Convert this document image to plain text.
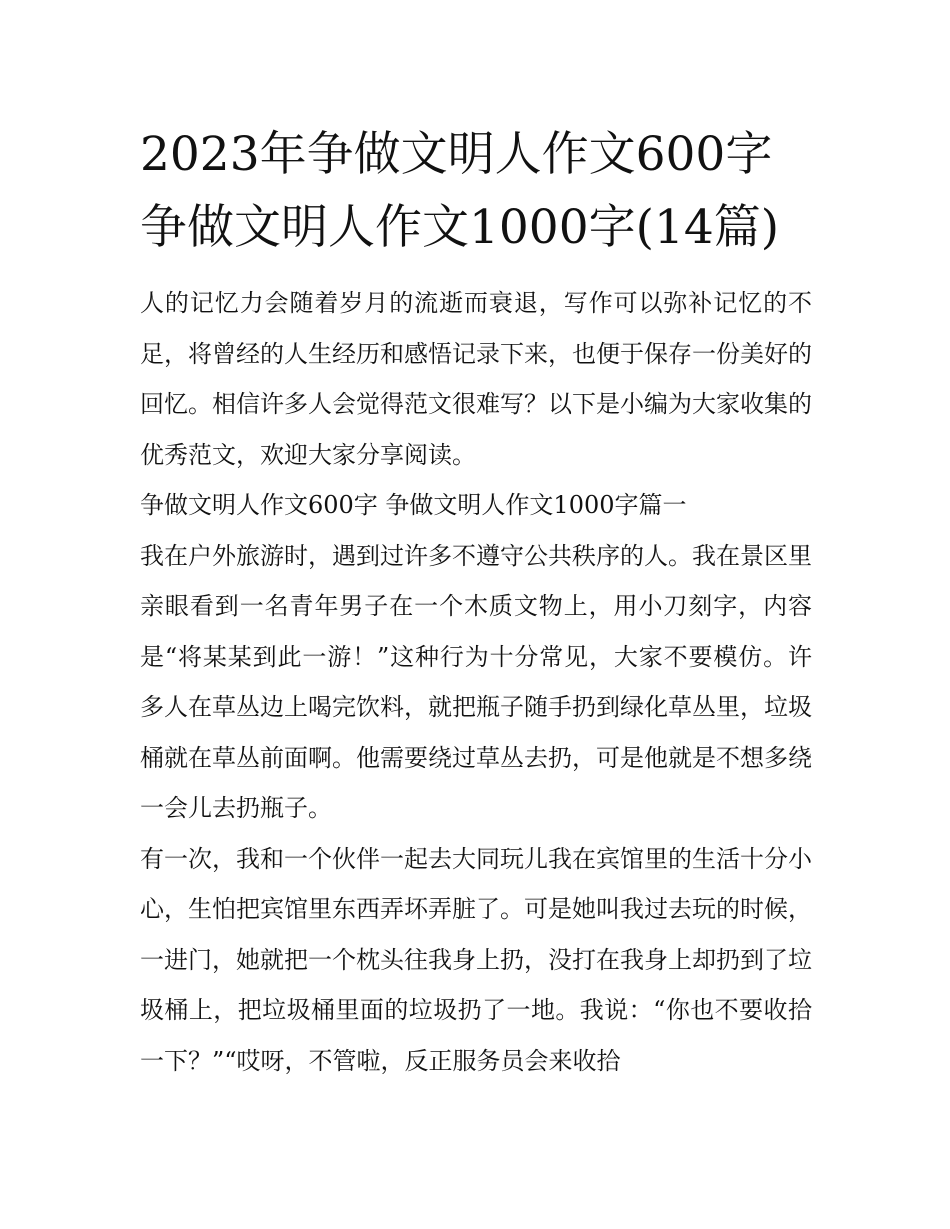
2023年争做文明人作文600字
争做文明人作文1000字(14篇)

人的记忆力会随着岁月的流逝而衰退，写作可以弥补记忆的不足，将曾经的人生经历和感悟记录下来，也便于保存一份美好的回忆。相信许多人会觉得范文很难写？以下是小编为大家收集的优秀范文，欢迎大家分享阅读。

争做文明人作文600字 争做文明人作文1000字篇一

我在户外旅游时，遇到过许多不遵守公共秩序的人。我在景区里亲眼看到一名青年男子在一个木质文物上，用小刀刻字，内容是“将某某到此一游！”这种行为十分常见，大家不要模仿。许多人在草丛边上喝完饮料，就把瓶子随手扔到绿化草丛里，垃圾桶就在草丛前面啊。他需要绕过草丛去扔，可是他就是不想多绕一会儿去扔瓶子。

有一次，我和一个伙伴一起去大同玩儿我在宾馆里的生活十分小心，生怕把宾馆里东西弄坏弄脏了。可是她叫我过去玩的时候，一进门，她就把一个枕头往我身上扔，没打在我身上却扔到了垃圾桶上，把垃圾桶里面的垃圾扔了一地。我说：“你也不要收拾一下？”“哎呀，不管啦，反正服务员会来收拾
